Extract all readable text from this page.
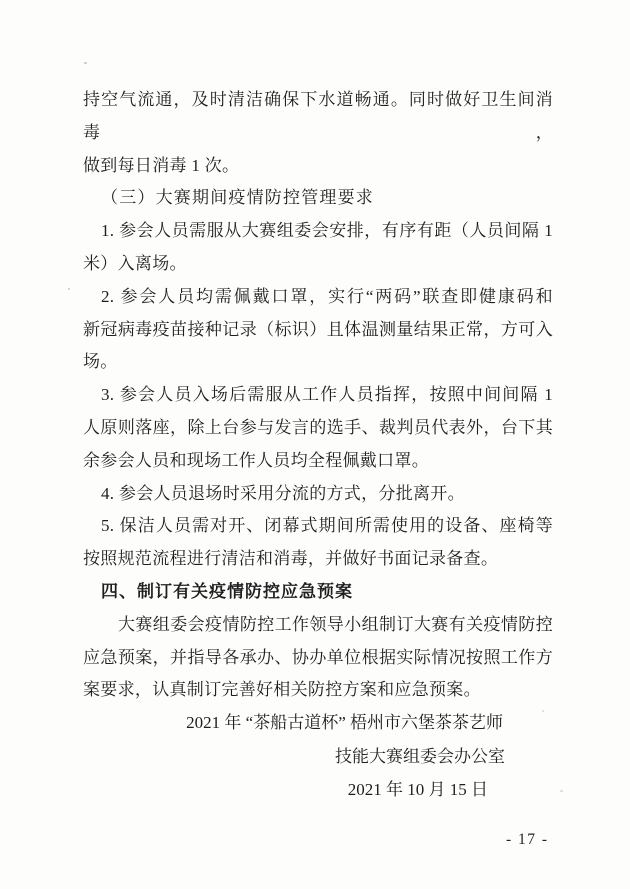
持空气流通，及时清洁确保下水道畅通。同时做好卫生间消毒，
做到每日消毒 1 次。
（三）大赛期间疫情防控管理要求
1. 参会人员需服从大赛组委会安排，有序有距（人员间隔 1
米）入离场。
2. 参会人员均需佩戴口罩，实行“两码”联查即健康码和
新冠病毒疫苗接种记录（标识）且体温测量结果正常，方可入
场。
3. 参会人员入场后需服从工作人员指挥，按照中间间隔 1
人原则落座，除上台参与发言的选手、裁判员代表外，台下其
余参会人员和现场工作人员均全程佩戴口罩。
4. 参会人员退场时采用分流的方式，分批离开。
5. 保洁人员需对开、闭幕式期间所需使用的设备、座椅等
按照规范流程进行清洁和消毒，并做好书面记录备查。
四、制订有关疫情防控应急预案
大赛组委会疫情防控工作领导小组制订大赛有关疫情防控
应急预案，并指导各承办、协办单位根据实际情况按照工作方
案要求，认真制订完善好相关防控方案和应急预案。
2021 年 “茶船古道杯” 梧州市六堡茶茶艺师
技能大赛组委会办公室
2021 年 10 月 15 日
- 17 -
